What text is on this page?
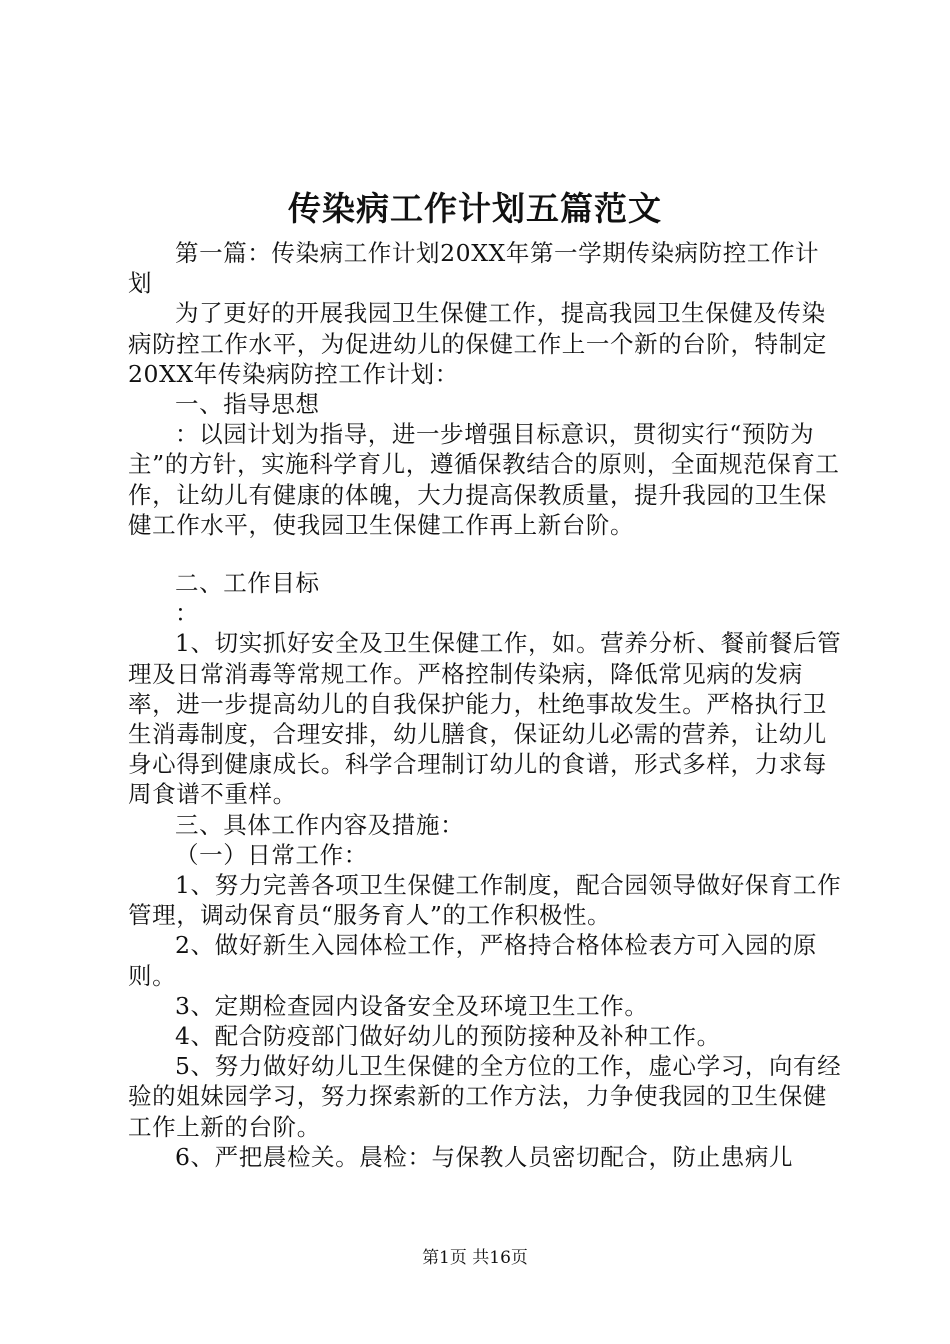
传染病工作计划五篇范文

第一篇：传染病工作计划20XX年第一学期传染病防控工作计划

为了更好的开展我园卫生保健工作，提高我园卫生保健及传染病防控工作水平，为促进幼儿的保健工作上一个新的台阶，特制定20XX年传染病防控工作计划：

一、指导思想

：以园计划为指导，进一步增强目标意识，贯彻实行“预防为主”的方针，实施科学育儿，遵循保教结合的原则，全面规范保育工作，让幼儿有健康的体魄，大力提高保教质量，提升我园的卫生保健工作水平，使我园卫生保健工作再上新台阶。

二、工作目标

：

1、切实抓好安全及卫生保健工作，如。营养分析、餐前餐后管理及日常消毒等常规工作。严格控制传染病，降低常见病的发病率，进一步提高幼儿的自我保护能力，杜绝事故发生。严格执行卫生消毒制度，合理安排，幼儿膳食，保证幼儿必需的营养，让幼儿身心得到健康成长。科学合理制订幼儿的食谱，形式多样，力求每周食谱不重样。

三、具体工作内容及措施：

（一）日常工作：

1、努力完善各项卫生保健工作制度，配合园领导做好保育工作管理，调动保育员“服务育人”的工作积极性。

2、做好新生入园体检工作，严格持合格体检表方可入园的原则。

3、定期检查园内设备安全及环境卫生工作。

4、配合防疫部门做好幼儿的预防接种及补种工作。

5、努力做好幼儿卫生保健的全方位的工作，虚心学习，向有经验的姐妹园学习，努力探索新的工作方法，力争使我园的卫生保健工作上新的台阶。

6、严把晨检关。晨检：与保教人员密切配合，防止患病儿

第1页 共16页
